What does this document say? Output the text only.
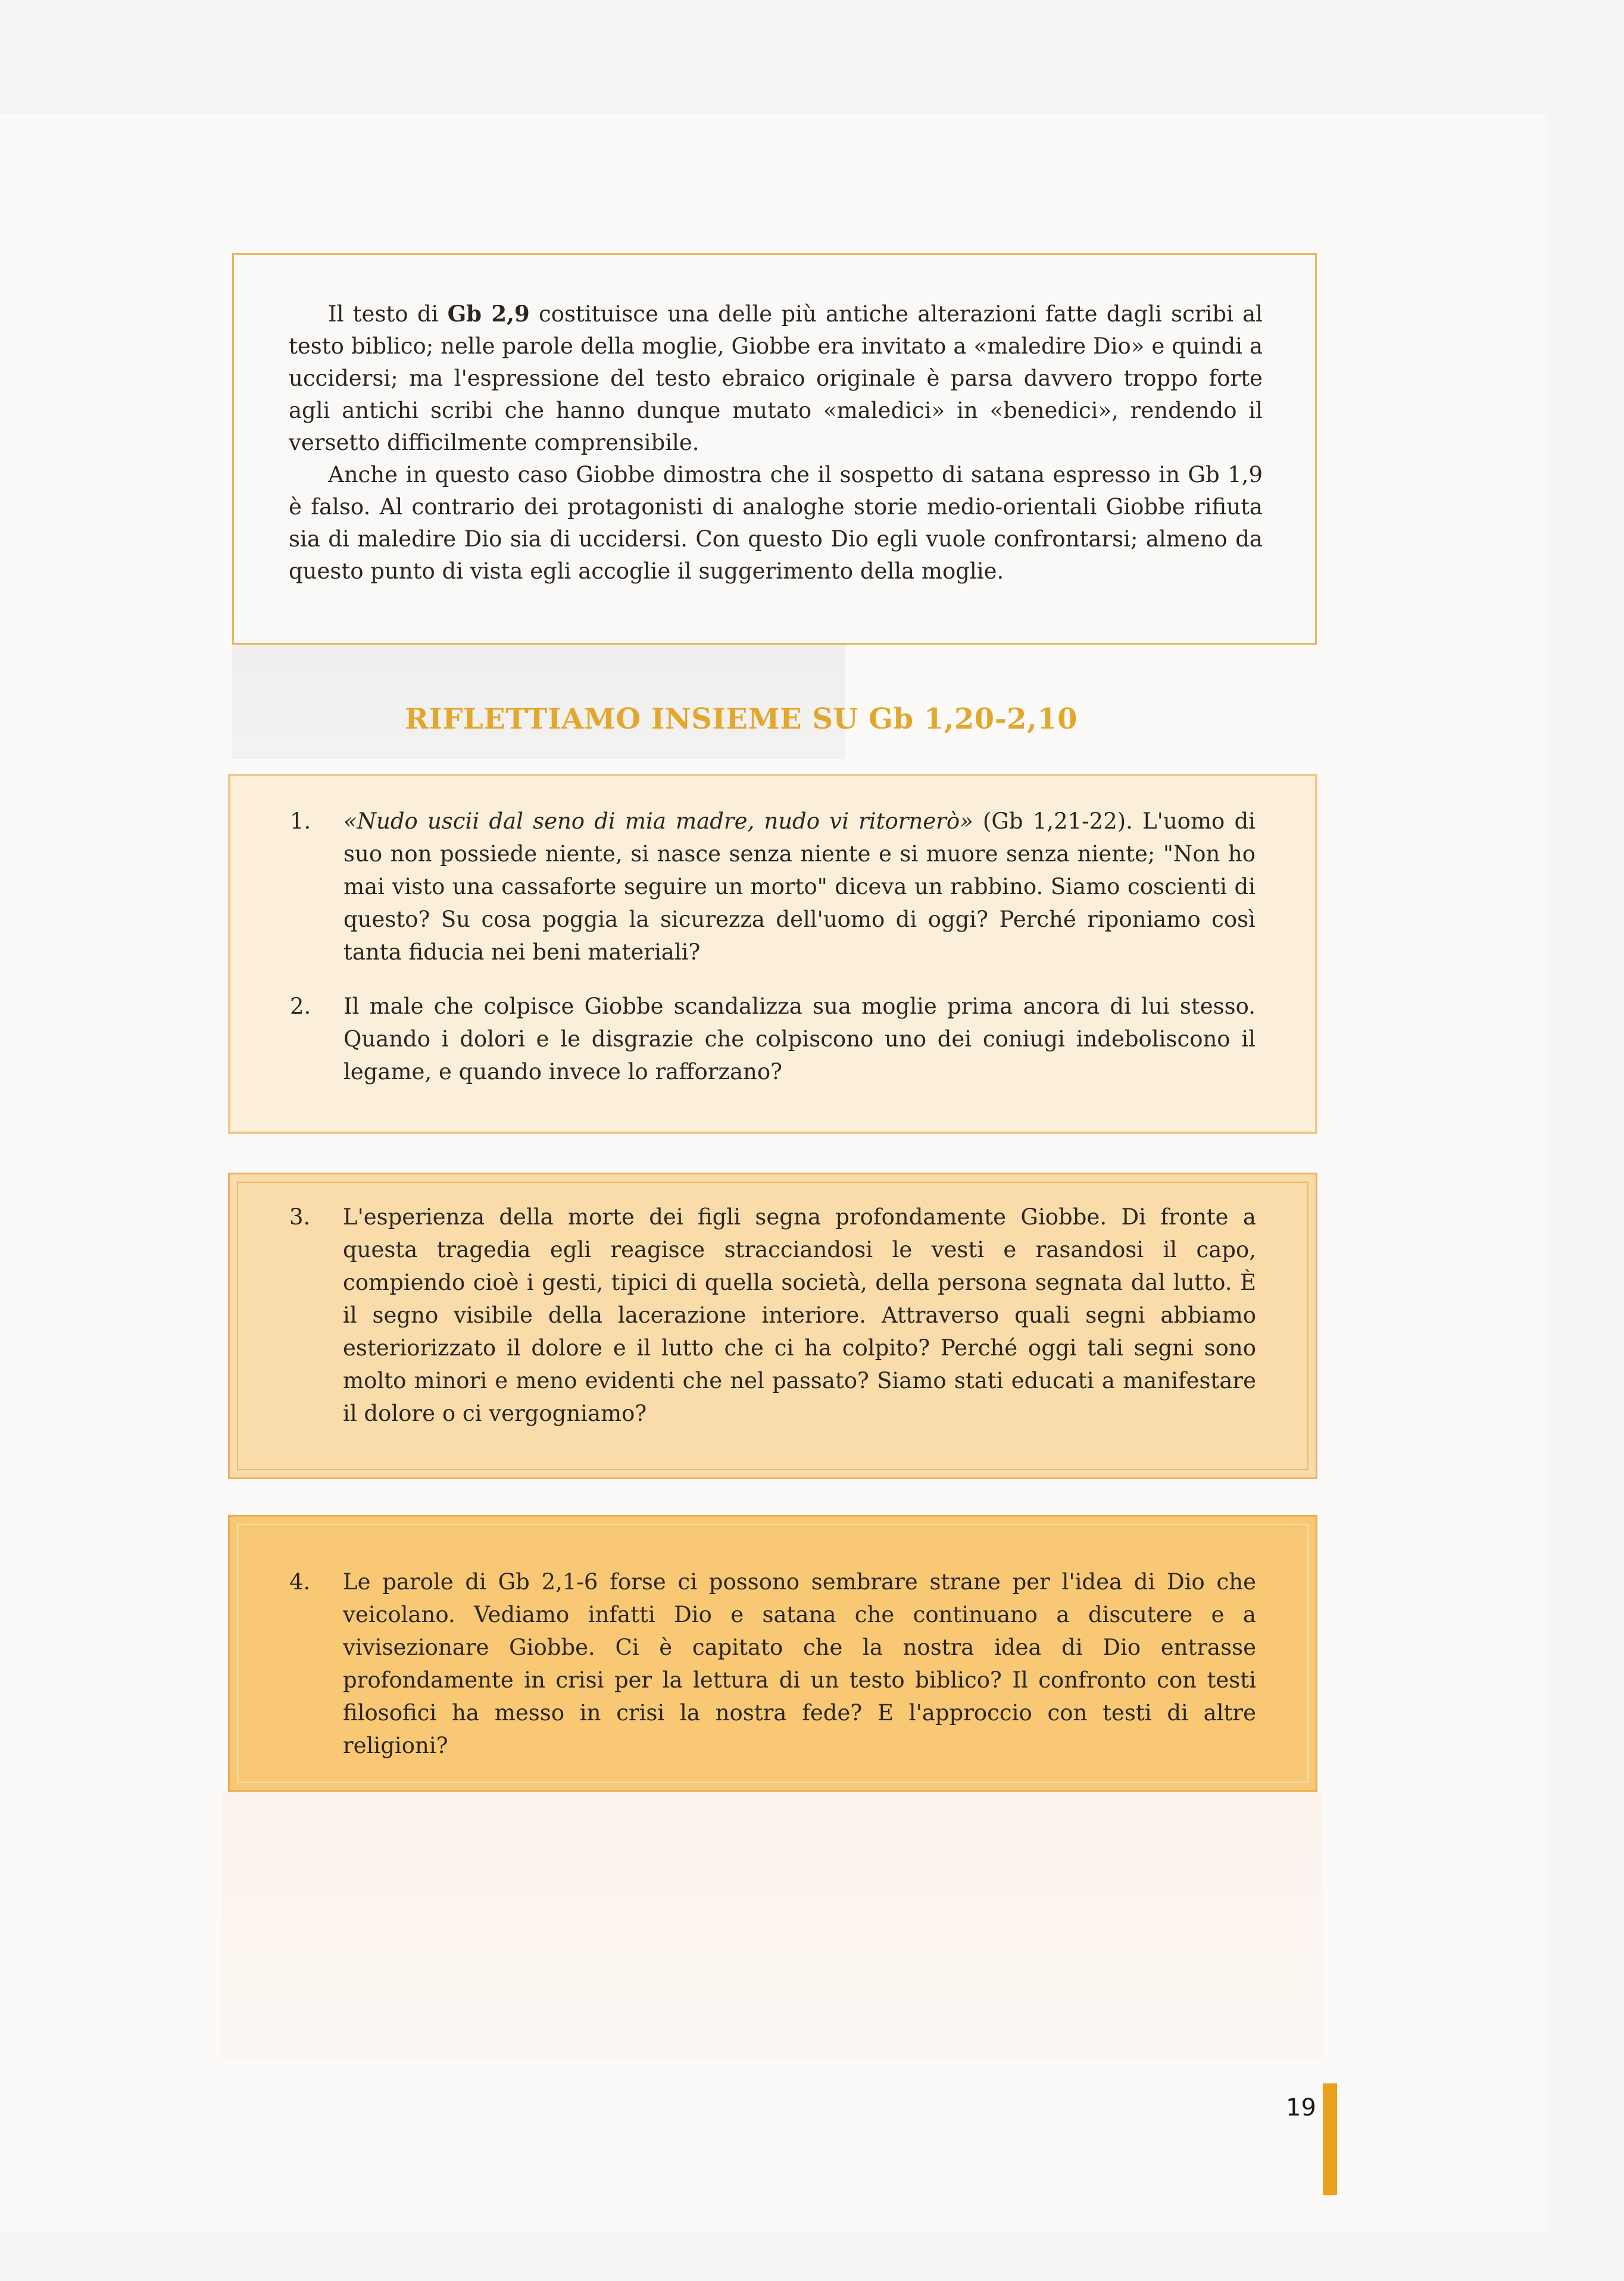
Il testo di Gb 2,9 costituisce una delle più antiche alterazioni fatte dagli scribi al testo biblico; nelle parole della moglie, Giobbe era invitato a «maledire Dio» e quindi a uccidersi; ma l'espressione del testo ebraico originale è parsa davvero troppo forte agli antichi scribi che hanno dunque mutato «maledici» in «benedici», rendendo il versetto difficilmente comprensibile.

Anche in questo caso Giobbe dimostra che il sospetto di satana espresso in Gb 1,9 è falso. Al contrario dei protagonisti di analoghe storie medio-orientali Giobbe rifiuta sia di maledire Dio sia di uccidersi. Con questo Dio egli vuole confrontarsi; almeno da questo punto di vista egli accoglie il suggerimento della moglie.

RIFLETTIAMO INSIEME SU Gb 1,20-2,10
1.	«Nudo uscii dal seno di mia madre, nudo vi ritornerò» (Gb 1,21-22). L'uomo di suo non possiede niente, si nasce senza niente e si muore senza niente; "Non ho mai visto una cassaforte seguire un morto" diceva un rabbino. Siamo coscienti di questo? Su cosa poggia la sicurezza dell'uomo di oggi? Perché riponiamo così tanta fiducia nei beni materiali?
2.	Il male che colpisce Giobbe scandalizza sua moglie prima ancora di lui stesso. Quando i dolori e le disgrazie che colpiscono uno dei coniugi indeboliscono il legame, e quando invece lo rafforzano?
3.	L'esperienza della morte dei figli segna profondamente Giobbe. Di fronte a questa tragedia egli reagisce stracciandosi le vesti e rasandosi il capo, compiendo cioè i gesti, tipici di quella società, della persona segnata dal lutto. È il segno visibile della lacerazione interiore. Attraverso quali segni abbiamo esteriorizzato il dolore e il lutto che ci ha colpito? Perché oggi tali segni sono molto minori e meno evidenti che nel passato? Siamo stati educati a manifestare il dolore o ci vergogniamo?
4.	Le parole di Gb 2,1-6 forse ci possono sembrare strane per l'idea di Dio che veicolano. Vediamo infatti Dio e satana che continuano a discutere e a vivisezionare Giobbe. Ci è capitato che la nostra idea di Dio entrasse profondamente in crisi per la lettura di un testo biblico? Il confronto con testi filosofici ha messo in crisi la nostra fede? E l'approccio con testi di altre religioni?
19
